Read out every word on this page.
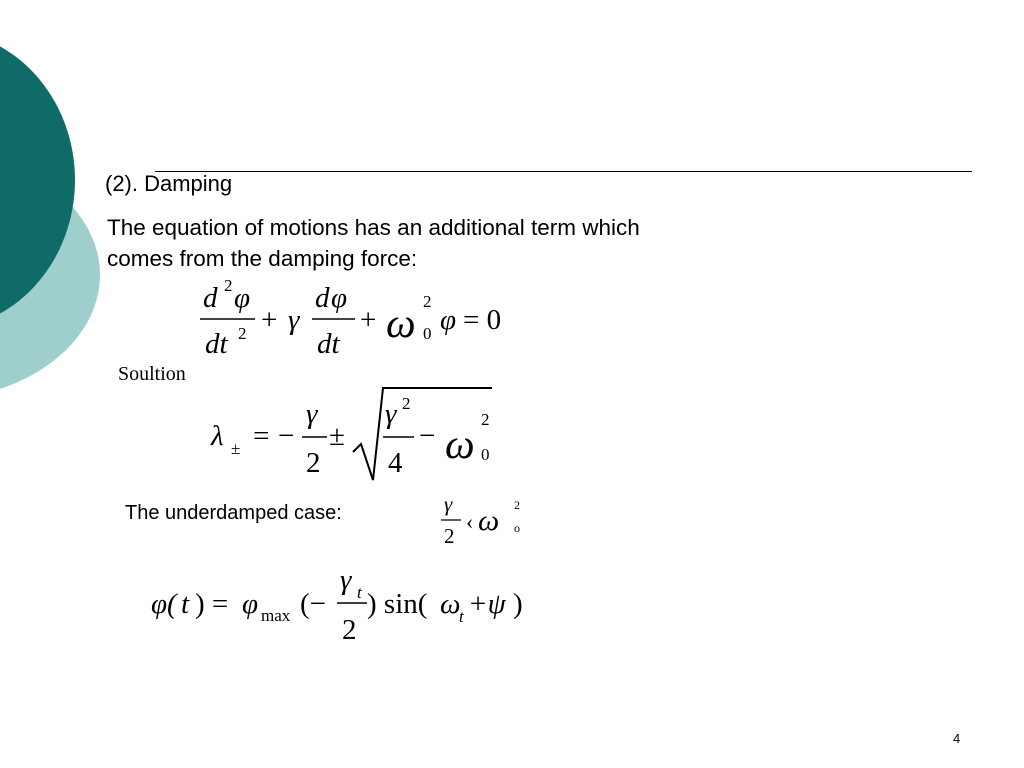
(2). Damping
The equation of motions has an additional term which
comes from the damping force:
d 2 φ
dt 2 + γ
d φ
dt
+ ω 2
0 φ = 0
Soultion
λ ± = −
γ
2
±
γ 2
4
− ω
2
0
The underdamped case:	γ
2
‹ ω 2
o
φ( t ) = φ max (−
γ t
2
) sin( ω
t +ψ )
4
